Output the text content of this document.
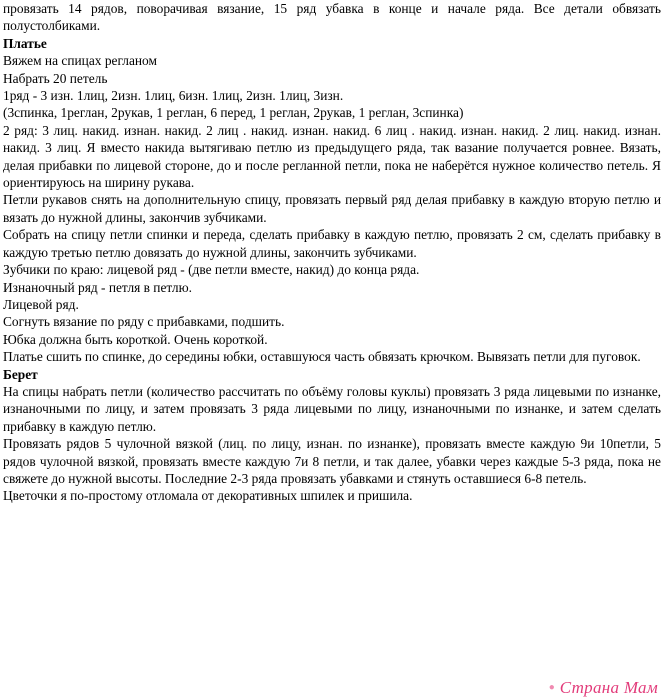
провязать 14 рядов, поворачивая вязание, 15 ряд убавка в конце и начале ряда. Все детали обвязать полустолбиками.

Платье

Вяжем на спицах регланом

Набрать 20 петель

1ряд - 3 изн. 1лиц, 2изн. 1лиц, 6изн. 1лиц, 2изн. 1лиц, 3изн.

(3спинка, 1реглан, 2рукав, 1 реглан, 6 перед, 1 реглан, 2рукав, 1 реглан, 3спинка)

2 ряд: 3 лиц. накид. изнан. накид. 2 лиц . накид. изнан. накид. 6 лиц . накид. изнан. накид. 2 лиц. накид. изнан. накид. 3 лиц. Я вместо накида вытягиваю петлю из предыдущего ряда, так вазание получается ровнее. Вязать, делая прибавки по лицевой стороне, до и после регланной петли, пока не наберётся нужное количество петель. Я ориентируюсь на ширину рукава.

Петли рукавов снять на дополнительную спицу, провязать первый ряд делая прибавку в каждую вторую петлю и вязать до нужной длины, закончив зубчиками.

Собрать на спицу петли спинки и переда, сделать прибавку в каждую петлю, провязать 2 см, сделать прибавку в каждую третью петлю довязать до нужной длины, закончить зубчиками.

Зубчики по краю: лицевой ряд - (две петли вместе, накид) до конца ряда.

Изнаночный ряд - петля в петлю.

Лицевой ряд.

Согнуть вязание по ряду с прибавками, подшить.

Юбка должна быть короткой. Очень короткой.

Платье сшить по спинке, до середины юбки, оставшуюся часть обвязать крючком. Вывязать петли для пуговок.

Берет

На спицы набрать петли (количество рассчитать по объёму головы куклы) провязать 3 ряда лицевыми по изнанке, изнаночными по лицу, и затем провязать 3 ряда лицевыми по лицу, изнаночными по изнанке, и затем сделать прибавку в каждую петлю.

Провязать рядов 5 чулочной вязкой (лиц. по лицу, изнан. по изнанке), провязать вместе каждую 9и 10петли, 5 рядов чулочной вязкой, провязать вместе каждую 7и 8 петли, и так далее, убавки через каждые 5-3 ряда, пока не свяжете до нужной высоты. Последние 2-3 ряда провязать убавками и стянуть оставшиеся 6-8 петель.

Цветочки я по-простому отломала от декоративных шпилек и пришила.

● Страна Мам
